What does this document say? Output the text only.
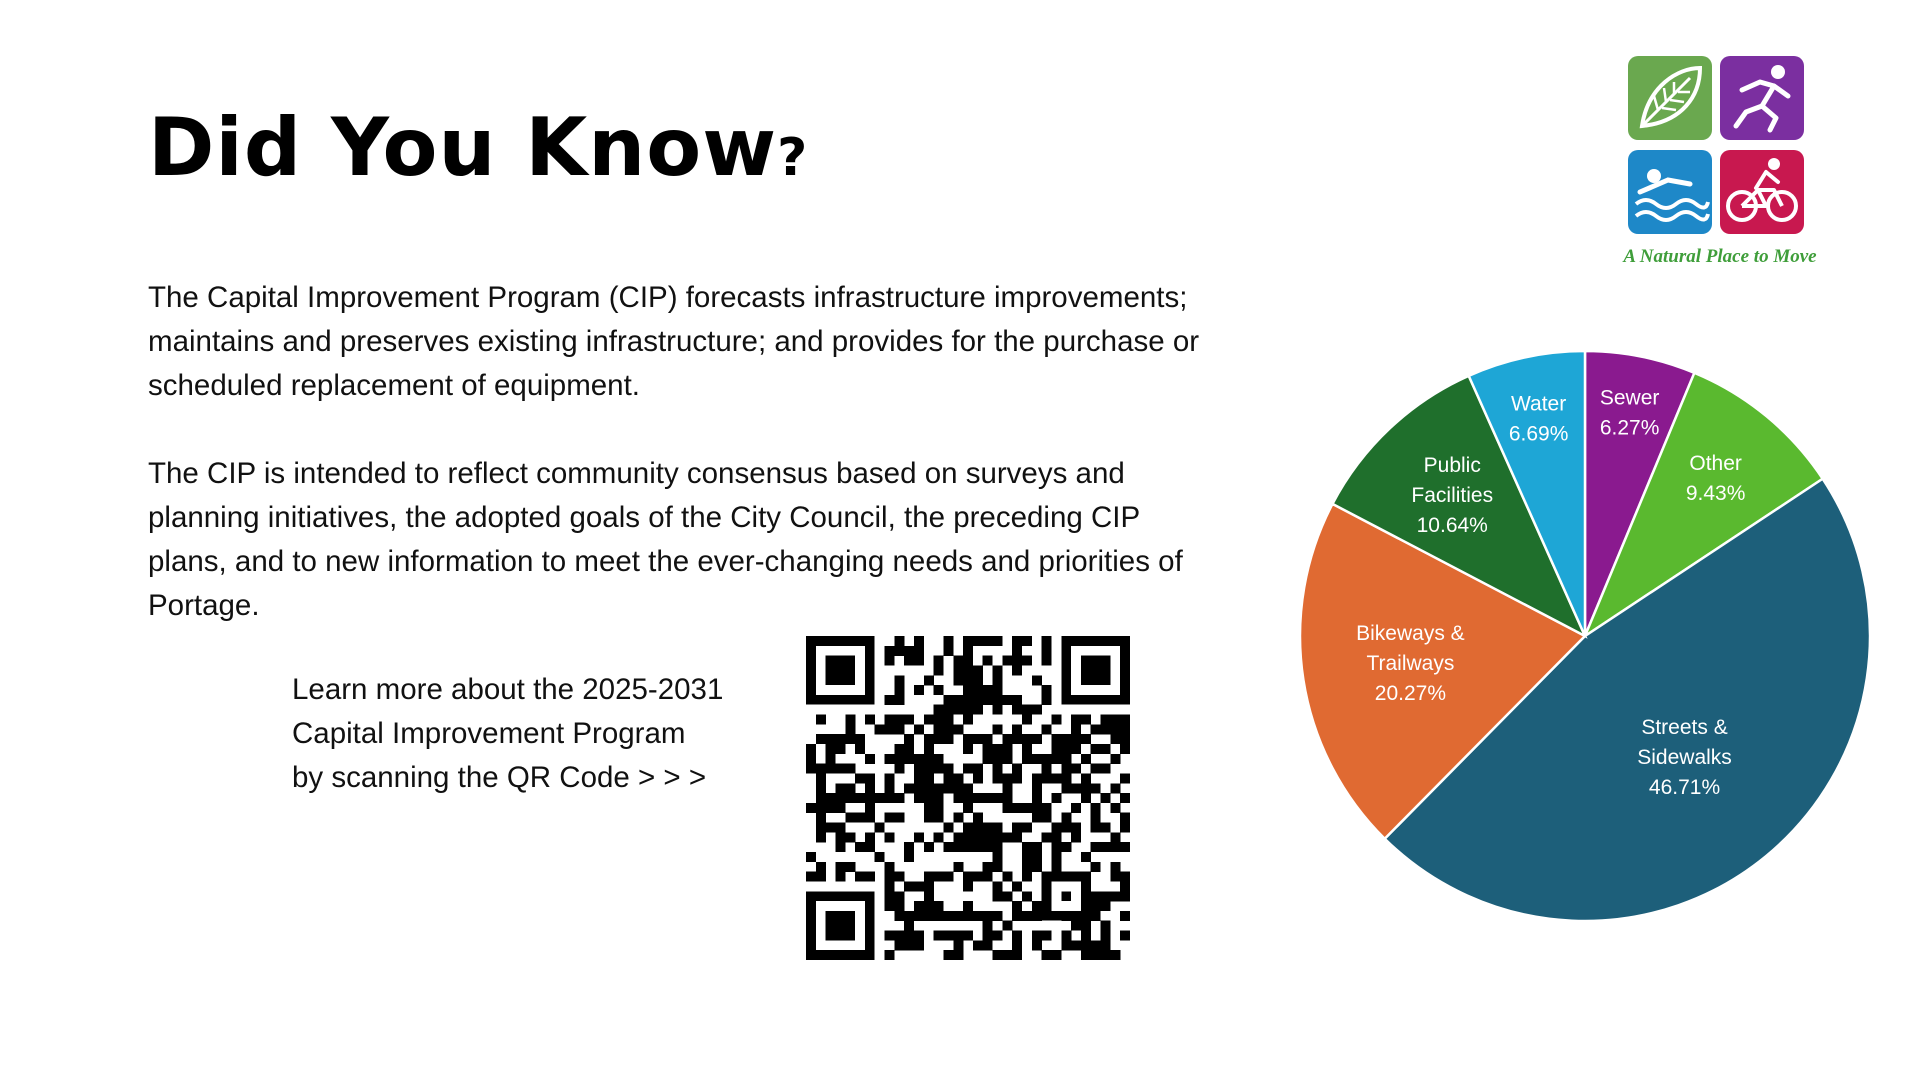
Did You Know?

The Capital Improvement Program (CIP) forecasts infrastructure improvements;
maintains and preserves existing infrastructure; and provides for the purchase or
scheduled replacement of equipment.

The CIP is intended to reflect community consensus based on surveys and
planning initiatives, the adopted goals of the City Council, the preceding CIP
plans, and to new information to meet the ever-changing needs and priorities of
Portage.

Learn more about the 2025-2031
Capital Improvement Program
by scanning the QR Code > > >
A Natural Place to Move
Sewer 6.27%
Other 9.43%
Streets & Sidewalks 46.71%
Bikeways & Trailways 20.27%
Public Facilities 10.64%
Water 6.69%
